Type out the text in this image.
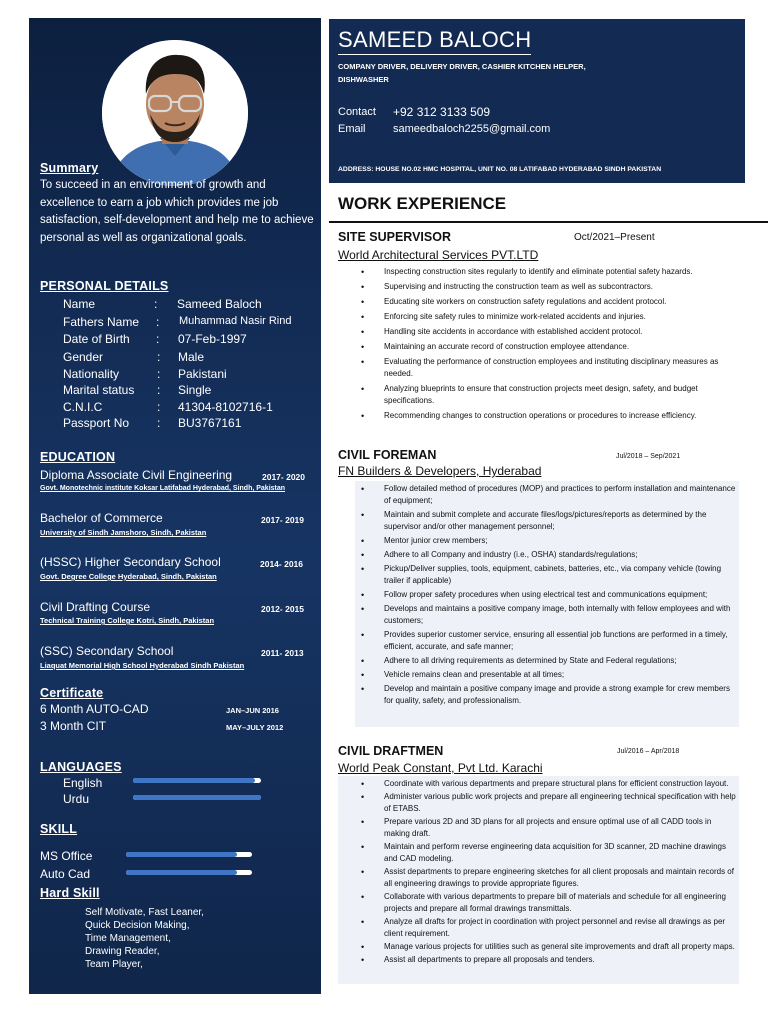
Summary
To succeed in an environment of growth and excellence to earn a job which provides me job satisfaction, self-development and help me to achieve personal as well as organizational goals.
PERSONAL DETAILS
Name	: Sameed Baloch
Fathers Name : Muhammad Nasir Rind
Date of Birth : 07-Feb-1997
Gender	: Male
Nationality	: Pakistani
Marital status : Single
C.N.I.C	: 41304-8102716-1
Passport No : BU3767161
EDUCATION
Diploma Associate Civil Engineering	2017- 2020
Govt. Monotechnic institute Koksar Latifabad Hyderabad, Sindh, Pakistan
Bachelor of Commerce	2017- 2019
University of Sindh Jamshoro, Sindh, Pakistan
(HSSC) Higher Secondary School	2014- 2016
Govt. Degree College Hyderabad, Sindh, Pakistan
Civil Drafting Course	2012- 2015
Technical Training College Kotri, Sindh, Pakistan
(SSC) Secondary School	2011- 2013
Liaquat Memorial High School Hyderabad Sindh Pakistan
Certificate
6 Month AUTO-CAD	JAN–JUN 2016
3 Month CIT	MAY–JULY 2012
LANGUAGES
English
Urdu
SKILL
MS Office
Auto Cad
Hard Skill
Self Motivate, Fast Leaner,
Quick Decision Making,
Time Management,
Drawing Reader,
Team Player,
SAMEED BALOCH
COMPANY DRIVER, DELIVERY DRIVER, CASHIER KITCHEN HELPER, DISHWASHER
Contact +92 312 3133 509
Email sameedbaloch2255@gmail.com
ADDRESS: HOUSE NO.02 HMC HOSPITAL, UNIT NO. 08 LATIFABAD HYDERABAD SINDH PAKISTAN
WORK EXPERIENCE
SITE SUPERVISOR	Oct/2021–Present
World Architectural Services PVT.LTD
• Inspecting construction sites regularly to identify and eliminate potential safety hazards.
• Supervising and instructing the construction team as well as subcontractors.
• Educating site workers on construction safety regulations and accident protocol.
• Enforcing site safety rules to minimize work-related accidents and injuries.
• Handling site accidents in accordance with established accident protocol.
• Maintaining an accurate record of construction employee attendance.
• Evaluating the performance of construction employees and instituting disciplinary measures as needed.
• Analyzing blueprints to ensure that construction projects meet design, safety, and budget specifications.
• Recommending changes to construction operations or procedures to increase efficiency.
CIVIL FOREMAN	Jul/2018 – Sep/2021
FN Builders & Developers, Hyderabad
• Follow detailed method of procedures (MOP) and practices to perform installation and maintenance of equipment;
• Maintain and submit complete and accurate files/logs/pictures/reports as determined by the supervisor and/or other management personnel;
• Mentor junior crew members;
• Adhere to all Company and industry (i.e., OSHA) standards/regulations;
• Pickup/Deliver supplies, tools, equipment, cabinets, batteries, etc., via company vehicle (towing trailer if applicable)
• Follow proper safety procedures when using electrical test and communications equipment;
• Develops and maintains a positive company image, both internally with fellow employees and with customers;
• Provides superior customer service, ensuring all essential job functions are performed in a timely, efficient, accurate, and safe manner;
• Adhere to all driving requirements as determined by State and Federal regulations;
• Vehicle remains clean and presentable at all times;
• Develop and maintain a positive company image and provide a strong example for crew members for quality, safety, and professionalism.
CIVIL DRAFTMEN	Jul/2016 – Apr/2018
World Peak Constant, Pvt Ltd. Karachi
• Coordinate with various departments and prepare structural plans for efficient construction layout.
• Administer various public work projects and prepare all engineering technical specification with help of ETABS.
• Prepare various 2D and 3D plans for all projects and ensure optimal use of all CADD tools in making draft.
• Maintain and perform reverse engineering data acquisition for 3D scanner, 2D machine drawings and CAD modeling.
• Assist departments to prepare engineering sketches for all client proposals and maintain records of all engineering drawings to provide appropriate figures.
• Collaborate with various departments to prepare bill of materials and schedule for all engineering projects and prepare all formal drawings transmittals.
• Analyze all drafts for project in coordination with project personnel and revise all drawings as per client requirement.
• Manage various projects for utilities such as general site improvements and draft all property maps.
• Assist all departments to prepare all proposals and tenders.
